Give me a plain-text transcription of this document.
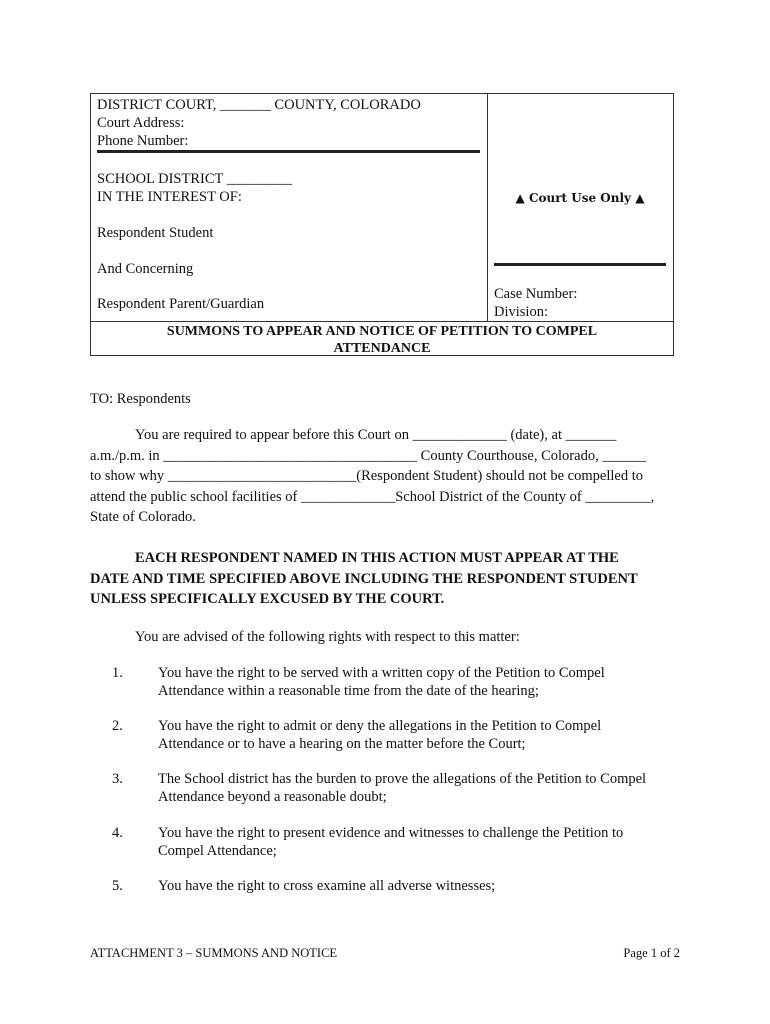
DISTRICT COURT, _______ COUNTY, COLORADO
Court Address:
Phone Number:
SCHOOL DISTRICT _________
IN THE INTEREST OF:
Respondent Student
And Concerning
Respondent Parent/Guardian
▲ Court Use Only ▲
Case Number:
Division:
SUMMONS TO APPEAR AND NOTICE OF PETITION TO COMPEL
ATTENDANCE
TO: Respondents
You are required to appear before this Court on _____________ (date), at _______
a.m./p.m. in ___________________________________ County Courthouse, Colorado, ______
to show why __________________________(Respondent Student) should not be compelled to
attend the public school facilities of _____________School District of the County of _________,
State of Colorado.
EACH RESPONDENT NAMED IN THIS ACTION MUST APPEAR AT THE
DATE AND TIME SPECIFIED ABOVE INCLUDING THE RESPONDENT STUDENT
UNLESS SPECIFICALLY EXCUSED BY THE COURT.
You are advised of the following rights with respect to this matter:
1. You have the right to be served with a written copy of the Petition to Compel
Attendance within a reasonable time from the date of the hearing;
2. You have the right to admit or deny the allegations in the Petition to Compel
Attendance or to have a hearing on the matter before the Court;
3. The School district has the burden to prove the allegations of the Petition to Compel
Attendance beyond a reasonable doubt;
4. You have the right to present evidence and witnesses to challenge the Petition to
Compel Attendance;
5. You have the right to cross examine all adverse witnesses;
ATTACHMENT 3 – SUMMONS AND NOTICE	Page 1 of 2
